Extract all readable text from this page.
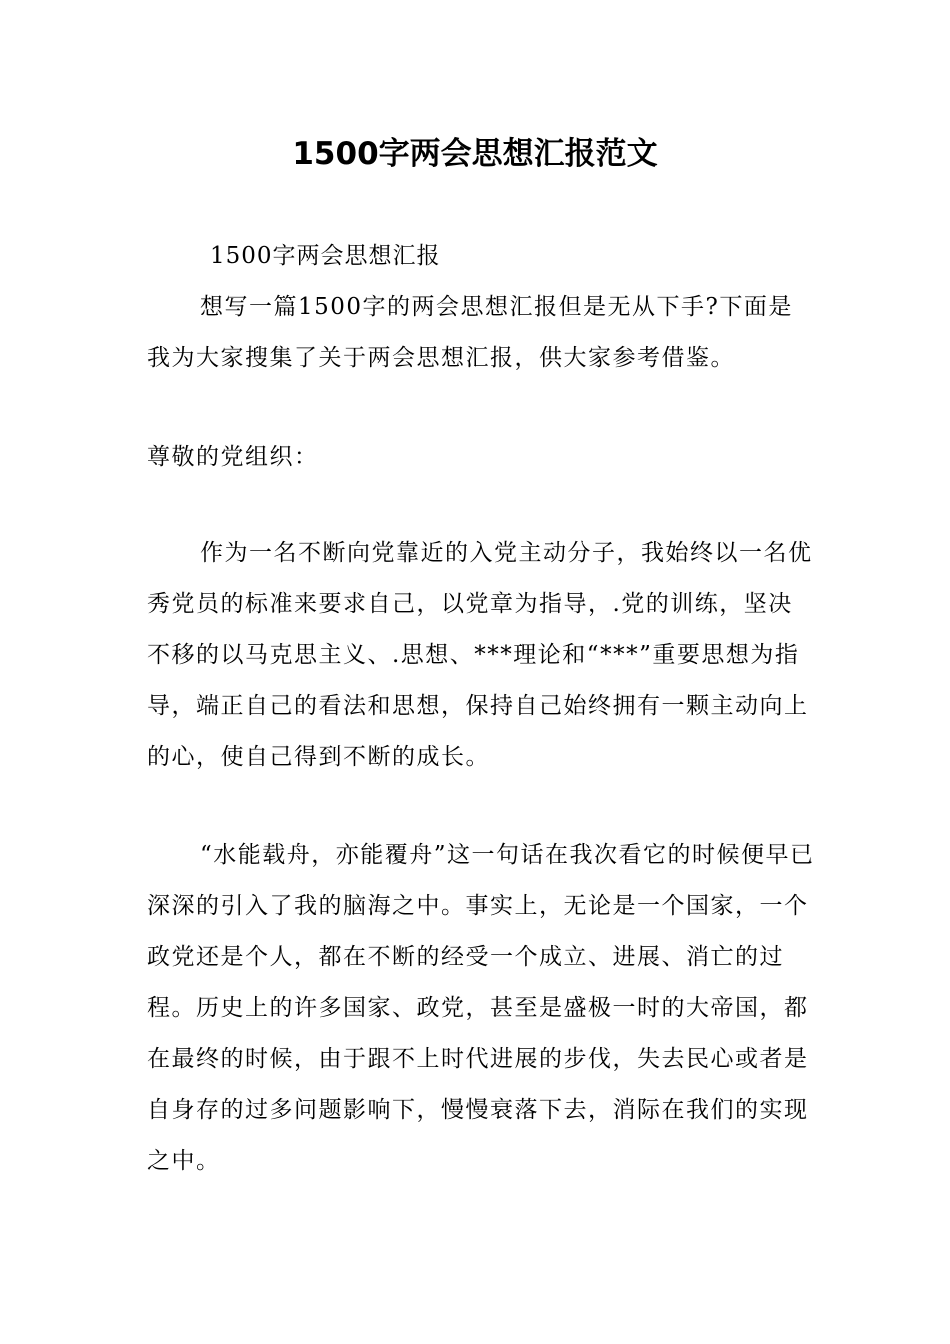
1500字两会思想汇报范文

1500字两会思想汇报

想写一篇1500字的两会思想汇报但是无从下手?下面是我为大家搜集了关于两会思想汇报，供大家参考借鉴。

尊敬的党组织：

作为一名不断向党靠近的入党主动分子，我始终以一名优秀党员的标准来要求自己，以党章为指导，.党的训练，坚决不移的以马克思主义、.思想、***理论和“***”重要思想为指导，端正自己的看法和思想，保持自己始终拥有一颗主动向上的心，使自己得到不断的成长。

“水能载舟，亦能覆舟”这一句话在我次看它的时候便早已深深的引入了我的脑海之中。事实上，无论是一个国家，一个政党还是个人，都在不断的经受一个成立、进展、消亡的过程。历史上的许多国家、政党，甚至是盛极一时的大帝国，都在最终的时候，由于跟不上时代进展的步伐，失去民心或者是自身存的过多问题影响下，慢慢衰落下去，消际在我们的实现之中。
